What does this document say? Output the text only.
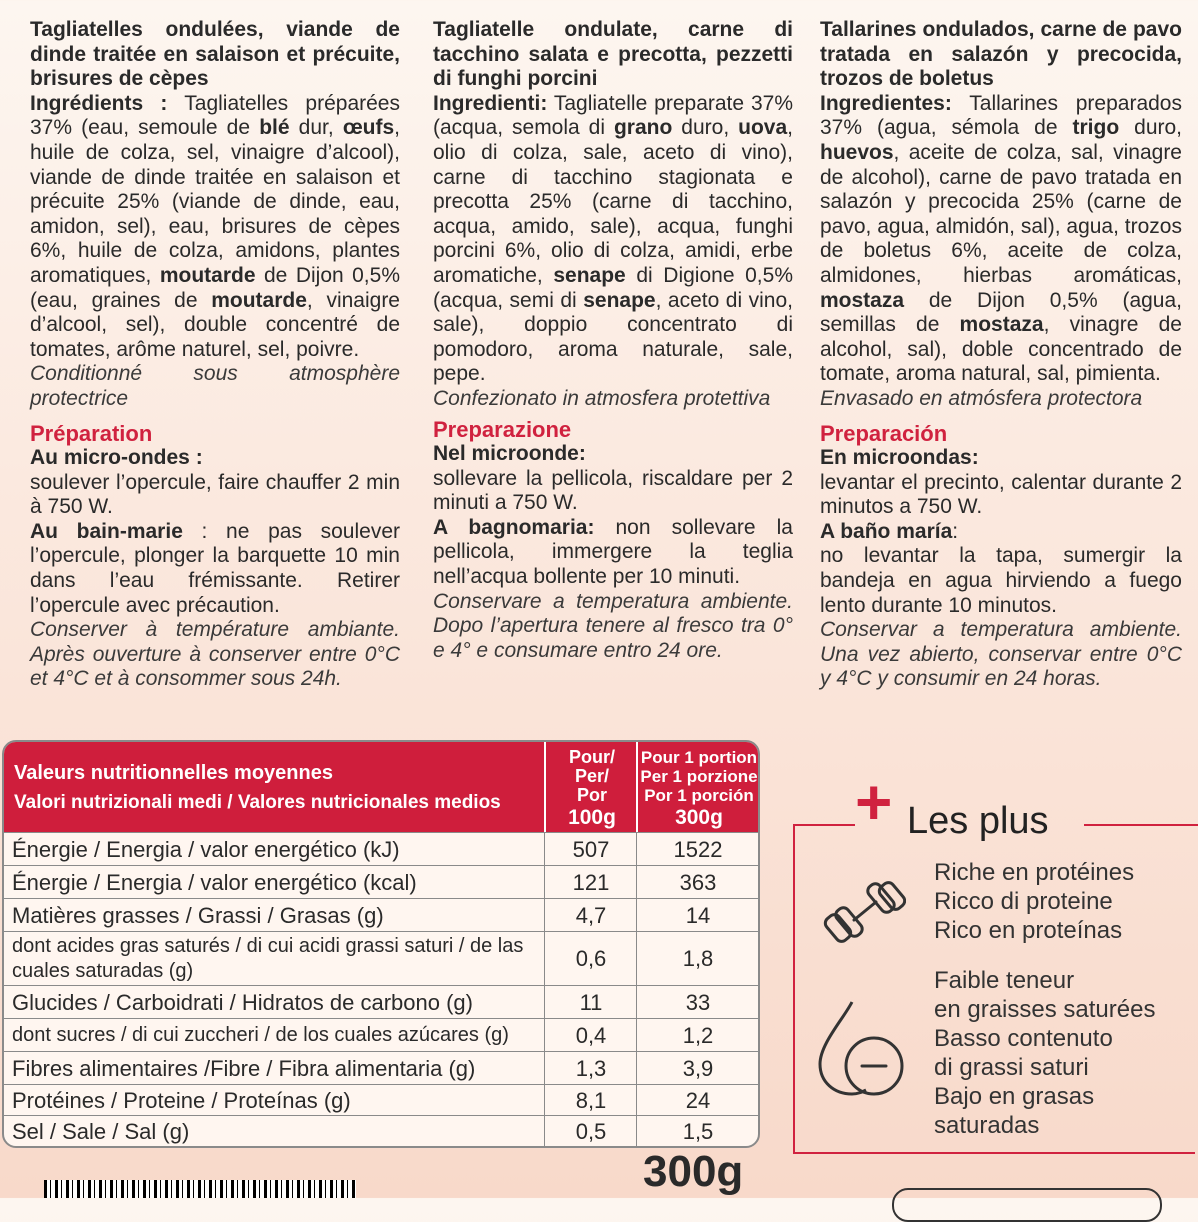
Tagliatelles ondulées, viande de dinde traitée en salaison et précuite, brisures de cèpes

Ingrédients : Tagliatelles préparées 37% (eau, semoule de blé dur, œufs, huile de colza, sel, vinaigre d’alcool), viande de dinde traitée en salaison et précuite 25% (viande de dinde, eau, amidon, sel), eau, brisures de cèpes 6%, huile de colza, amidons, plantes aromatiques, moutarde de Dijon 0,5% (eau, graines de moutarde, vinaigre d’alcool, sel), double concentré de tomates, arôme naturel, sel, poivre.

Conditionné sous atmosphère protectrice

Préparation

Au micro-ondes :

soulever l’opercule, faire chauffer 2 min à 750 W.

Au bain-marie : ne pas soulever l’opercule, plonger la barquette 10 min dans l’eau frémissante. Retirer l’opercule avec précaution.

Conserver à température ambiante. Après ouverture à conserver entre 0°C et 4°C et à consommer sous 24h.

Tagliatelle ondulate, carne di tacchino salata e precotta, pezzetti di funghi porcini

Ingredienti: Tagliatelle preparate 37% (acqua, semola di grano duro, uova, olio di colza, sale, aceto di vino), carne di tacchino stagionata e precotta 25% (carne di tacchino, acqua, amido, sale), acqua, funghi porcini 6%, olio di colza, amidi, erbe aromatiche, senape di Digione 0,5% (acqua, semi di senape, aceto di vino, sale), doppio concentrato di pomodoro, aroma naturale, sale, pepe.

Confezionato in atmosfera protettiva

Preparazione

Nel microonde:

sollevare la pellicola, riscaldare per 2 minuti a 750 W.

A bagnomaria: non sollevare la pellicola, immergere la teglia nell’acqua bollente per 10 minuti.

Conservare a temperatura ambiente. Dopo l’apertura tenere al fresco tra 0° e 4° e consumare entro 24 ore.

Tallarines ondulados, carne de pavo tratada en salazón y precocida, trozos de boletus

Ingredientes: Tallarines preparados 37% (agua, sémola de trigo duro, huevos, aceite de colza, sal, vinagre de alcohol), carne de pavo tratada en salazón y precocida 25% (carne de pavo, agua, almidón, sal), agua, trozos de boletus 6%, aceite de colza, almidones, hierbas aromáticas, mostaza de Dijon 0,5% (agua, semillas de mostaza, vinagre de alcohol, sal), doble concentrado de tomate, aroma natural, sal, pimienta.

Envasado en atmósfera protectora

Preparación

En microondas:

levantar el precinto, calentar durante 2 minutos a 750 W.

A baño maría:

no levantar la tapa, sumergir la bandeja en agua hirviendo a fuego lento durante 10 minutos.

Conservar a temperatura ambiente. Una vez abierto, conservar entre 0°C y 4°C y consumir en 24 horas.

Valeurs nutritionnelles moyennes
Valori nutrizionali medi / Valores nutricionales medios
Pour/
Per/
Por
100g
Pour 1 portion
Per 1 porzione
Por 1 porción
300g
Énergie / Energia / valor energético (kJ)	507	1522
Énergie / Energia / valor energético (kcal)	121	363
Matières grasses / Grassi / Grasas (g)	4,7	14
dont acides gras saturés / di cui acidi grassi saturi / de las cuales saturadas (g)	0,6	1,8
Glucides / Carboidrati / Hidratos de carbono (g)	11	33
dont sucres / di cui zuccheri / de los cuales azúcares (g)	0,4	1,2
Fibres alimentaires /Fibre / Fibra alimentaria (g)	1,3	3,9
Protéines / Proteine / Proteínas (g)	8,1	24
Sel / Sale / Sal (g)	0,5	1,5
300g
+ Les plus
Riche en protéines
Ricco di proteine
Rico en proteínas
Faible teneur
en graisses saturées
Basso contenuto
di grassi saturi
Bajo en grasas
saturadas
